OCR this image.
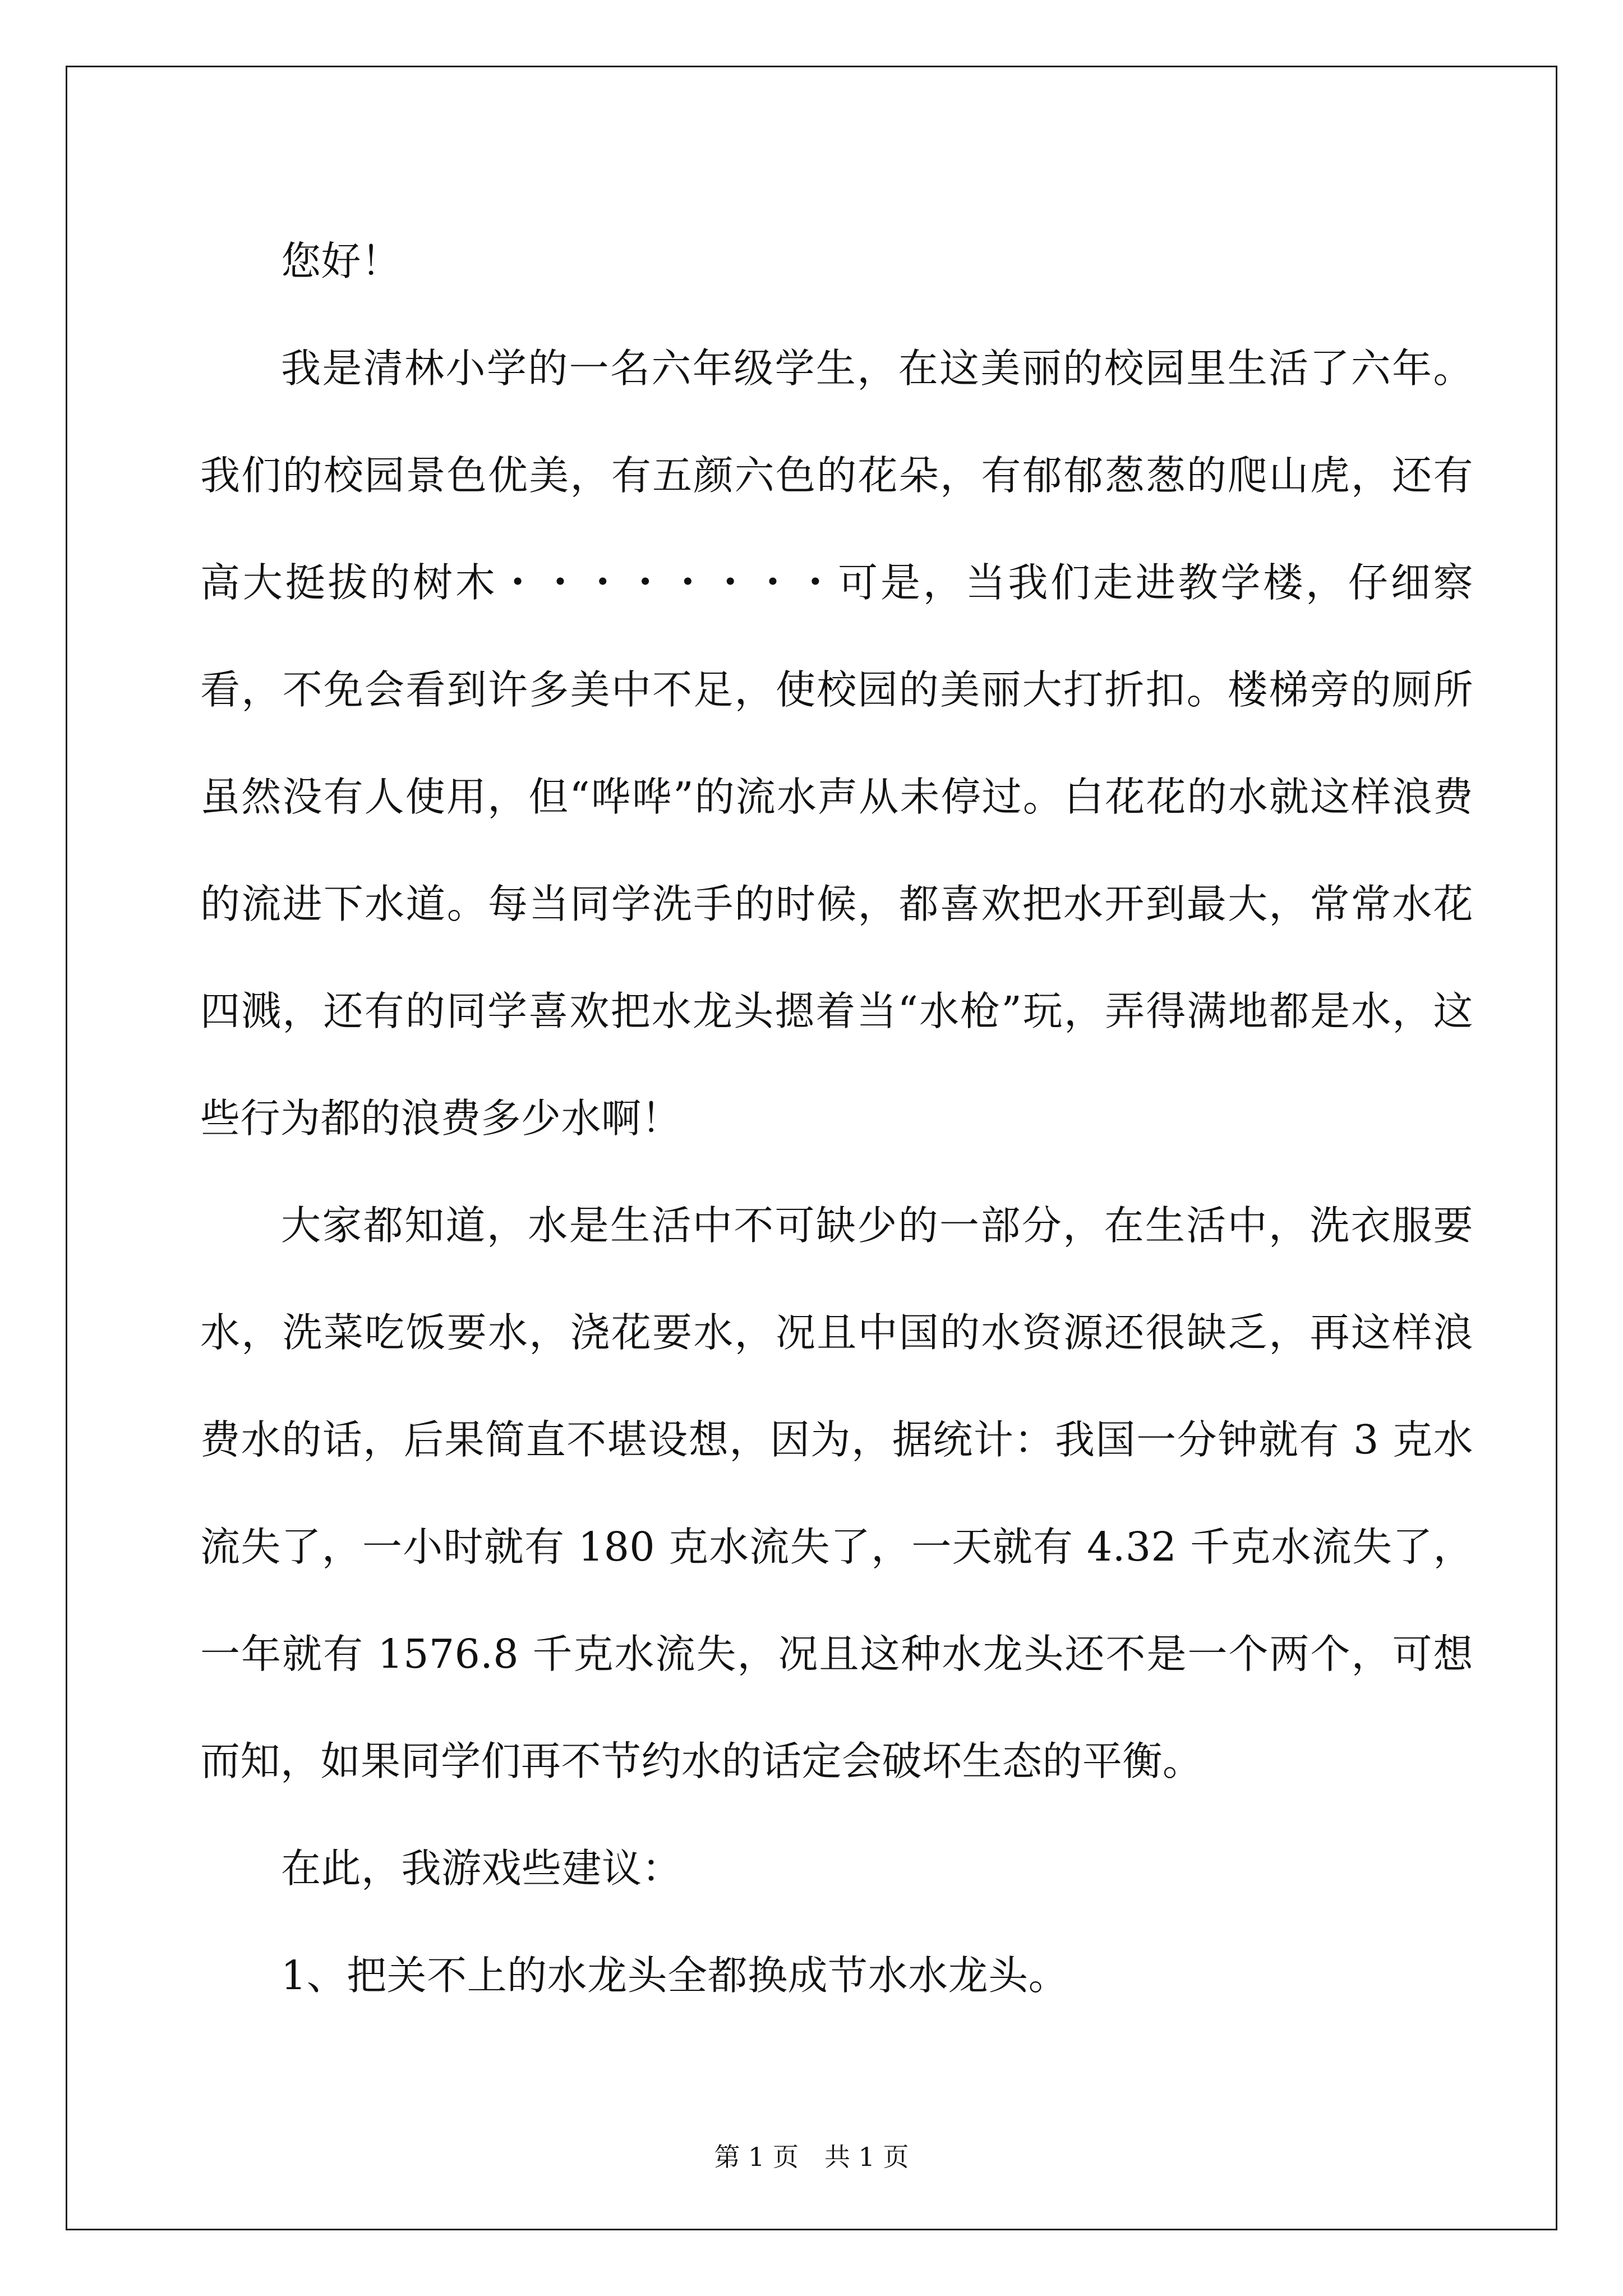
您好！

我是清林小学的一名六年级学生，在这美丽的校园里生活了六年。我们的校园景色优美，有五颜六色的花朵，有郁郁葱葱的爬山虎，还有高大挺拔的树木・・・・・・・・可是，当我们走进教学楼，仔细察看，不免会看到许多美中不足，使校园的美丽大打折扣。楼梯旁的厕所虽然没有人使用，但“哗哗”的流水声从未停过。白花花的水就这样浪费的流进下水道。每当同学洗手的时候，都喜欢把水开到最大，常常水花四溅，还有的同学喜欢把水龙头摁着当“水枪”玩，弄得满地都是水，这些行为都的浪费多少水啊！

大家都知道，水是生活中不可缺少的一部分，在生活中，洗衣服要水，洗菜吃饭要水，浇花要水，况且中国的水资源还很缺乏，再这样浪费水的话，后果简直不堪设想，因为，据统计：我国一分钟就有 3 克水流失了，一小时就有 180 克水流失了，一天就有 4.32 千克水流失了，一年就有 1576.8 千克水流失，况且这种水龙头还不是一个两个，可想而知，如果同学们再不节约水的话定会破坏生态的平衡。

在此，我游戏些建议：

1、把关不上的水龙头全都换成节水水龙头。

第 1 页 共 1 页
